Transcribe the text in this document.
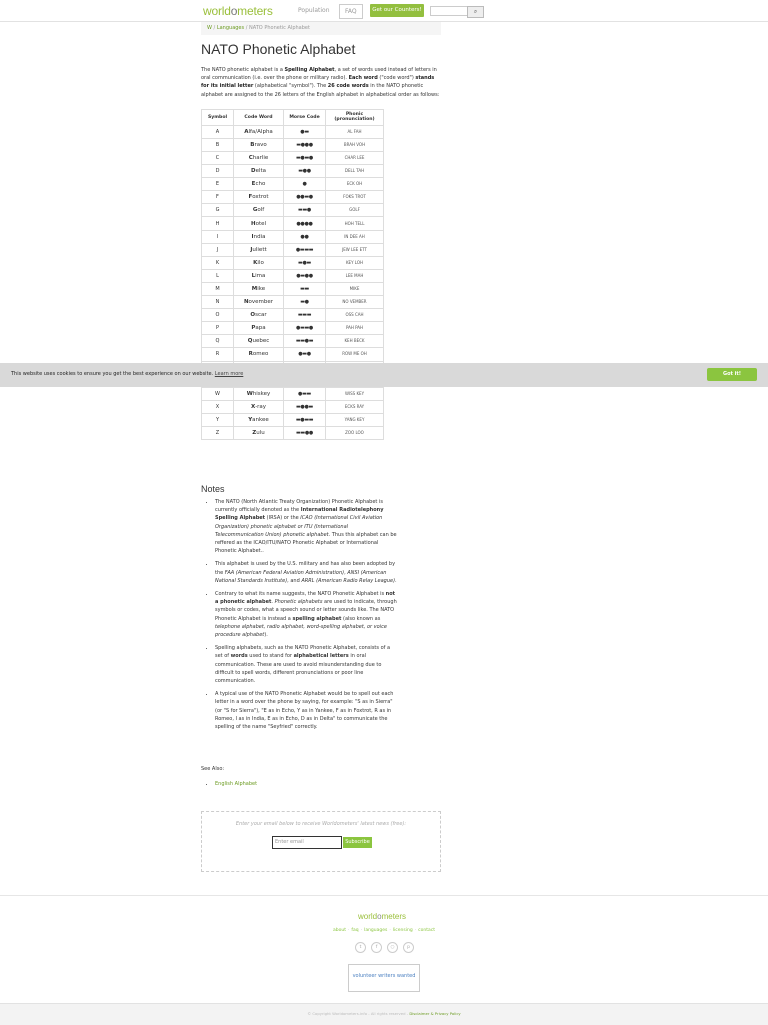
worldometers	Population	FAQ	Get our Counters!	⌕
W / Languages / NATO Phonetic Alphabet
NATO Phonetic Alphabet
The NATO phonetic alphabet is a Spelling Alphabet, a set of words used instead of letters in oral communication (i.e. over the phone or military radio). Each word ("code word") stands for its initial letter (alphabetical "symbol"). The 26 code words in the NATO phonetic alphabet are assigned to the 26 letters of the English alphabet in alphabetical order as follows:
Symbol	Code Word	Morse Code	Phonic (pronunciation)
A	Alfa/Alpha	●▬	AL FAH
B	Bravo	▬●●●	BRAH VOH
C	Charlie	▬●▬●	CHAR LEE
D	Delta	▬●●	DELL TAH
E	Echo	●	ECK OH
F	Foxtrot	●●▬●	FOKS TROT
G	Golf	▬▬●	GOLF
H	Hotel	●●●●	HOH TELL
I	India	●●	IN DEE AH
J	Juliett	●▬▬▬	JEW LEE ETT
K	Kilo	▬●▬	KEY LOH
L	Lima	●▬●●	LEE MAH
M	Mike	▬▬	MIKE
N	November	▬●	NO VEMBER
O	Oscar	▬▬▬	OSS CAH
P	Papa	●▬▬●	PAH PAH
Q	Quebec	▬▬●▬	KEH BECK
R	Romeo	●▬●	ROW ME OH

W	Whiskey	●▬▬	WISS KEY
X	X-ray	▬●●▬	ECKS RAY
Y	Yankee	▬●▬▬	YANG KEY
Z	Zulu	▬▬●●	ZOO LOO
This website uses cookies to ensure you get the best experience on our website. Learn more	Got it!
Notes
• The NATO (North Atlantic Treaty Organization) Phonetic Alphabet is currently officially denoted as the International Radiotelephony Spelling Alphabet (IRSA) or the ICAO (International Civil Aviation Organization) phonetic alphabet or ITU (International Telecommunication Union) phonetic alphabet. Thus this alphabet can be reffered as the ICAO/ITU/NATO Phonetic Alphabet or International Phonetic Alphabet..
• This alphabet is used by the U.S. military and has also been adopted by the FAA (American Federal Aviation Administration), ANSI (American National Standards Institute), and ARRL (American Radio Relay League).
• Contrary to what its name suggests, the NATO Phonetic Alphabet is not a phonetic alphabet. Phonetic alphabets are used to indicate, through symbols or codes, what a speech sound or letter sounds like. The NATO Phonetic Alphabet is instead a spelling alphabet (also known as telephone alphabet, radio alphabet, word-spelling alphabet, or voice procedure alphabet).
• Spelling alphabets, such as the NATO Phonetic Alphabet, consists of a set of words used to stand for alphabetical letters in oral communication. These are used to avoid misunderstanding due to difficult to spell words, different pronunciations or poor line communication.
• A typical use of the NATO Phonetic Alphabet would be to spell out each letter in a word over the phone by saying, for example: "S as in Sierra" (or "S for Sierra"), "E as in Echo, Y as in Yankee, F as in Foxtrot, R as in Romeo, I as in India, E as in Echo, D as in Delta" to communicate the spelling of the name "Seyfried" correctly.
See Also:
• English Alphabet
Enter your email below to receive Worldometers' latest news (free):
Enter email	Subscribe
worldometers
about · faq · languages · licensing · contact
t	f	○	p
volunteer writers wanted
© Copyright Worldometers.info - All rights reserved - Disclaimer & Privacy Policy
